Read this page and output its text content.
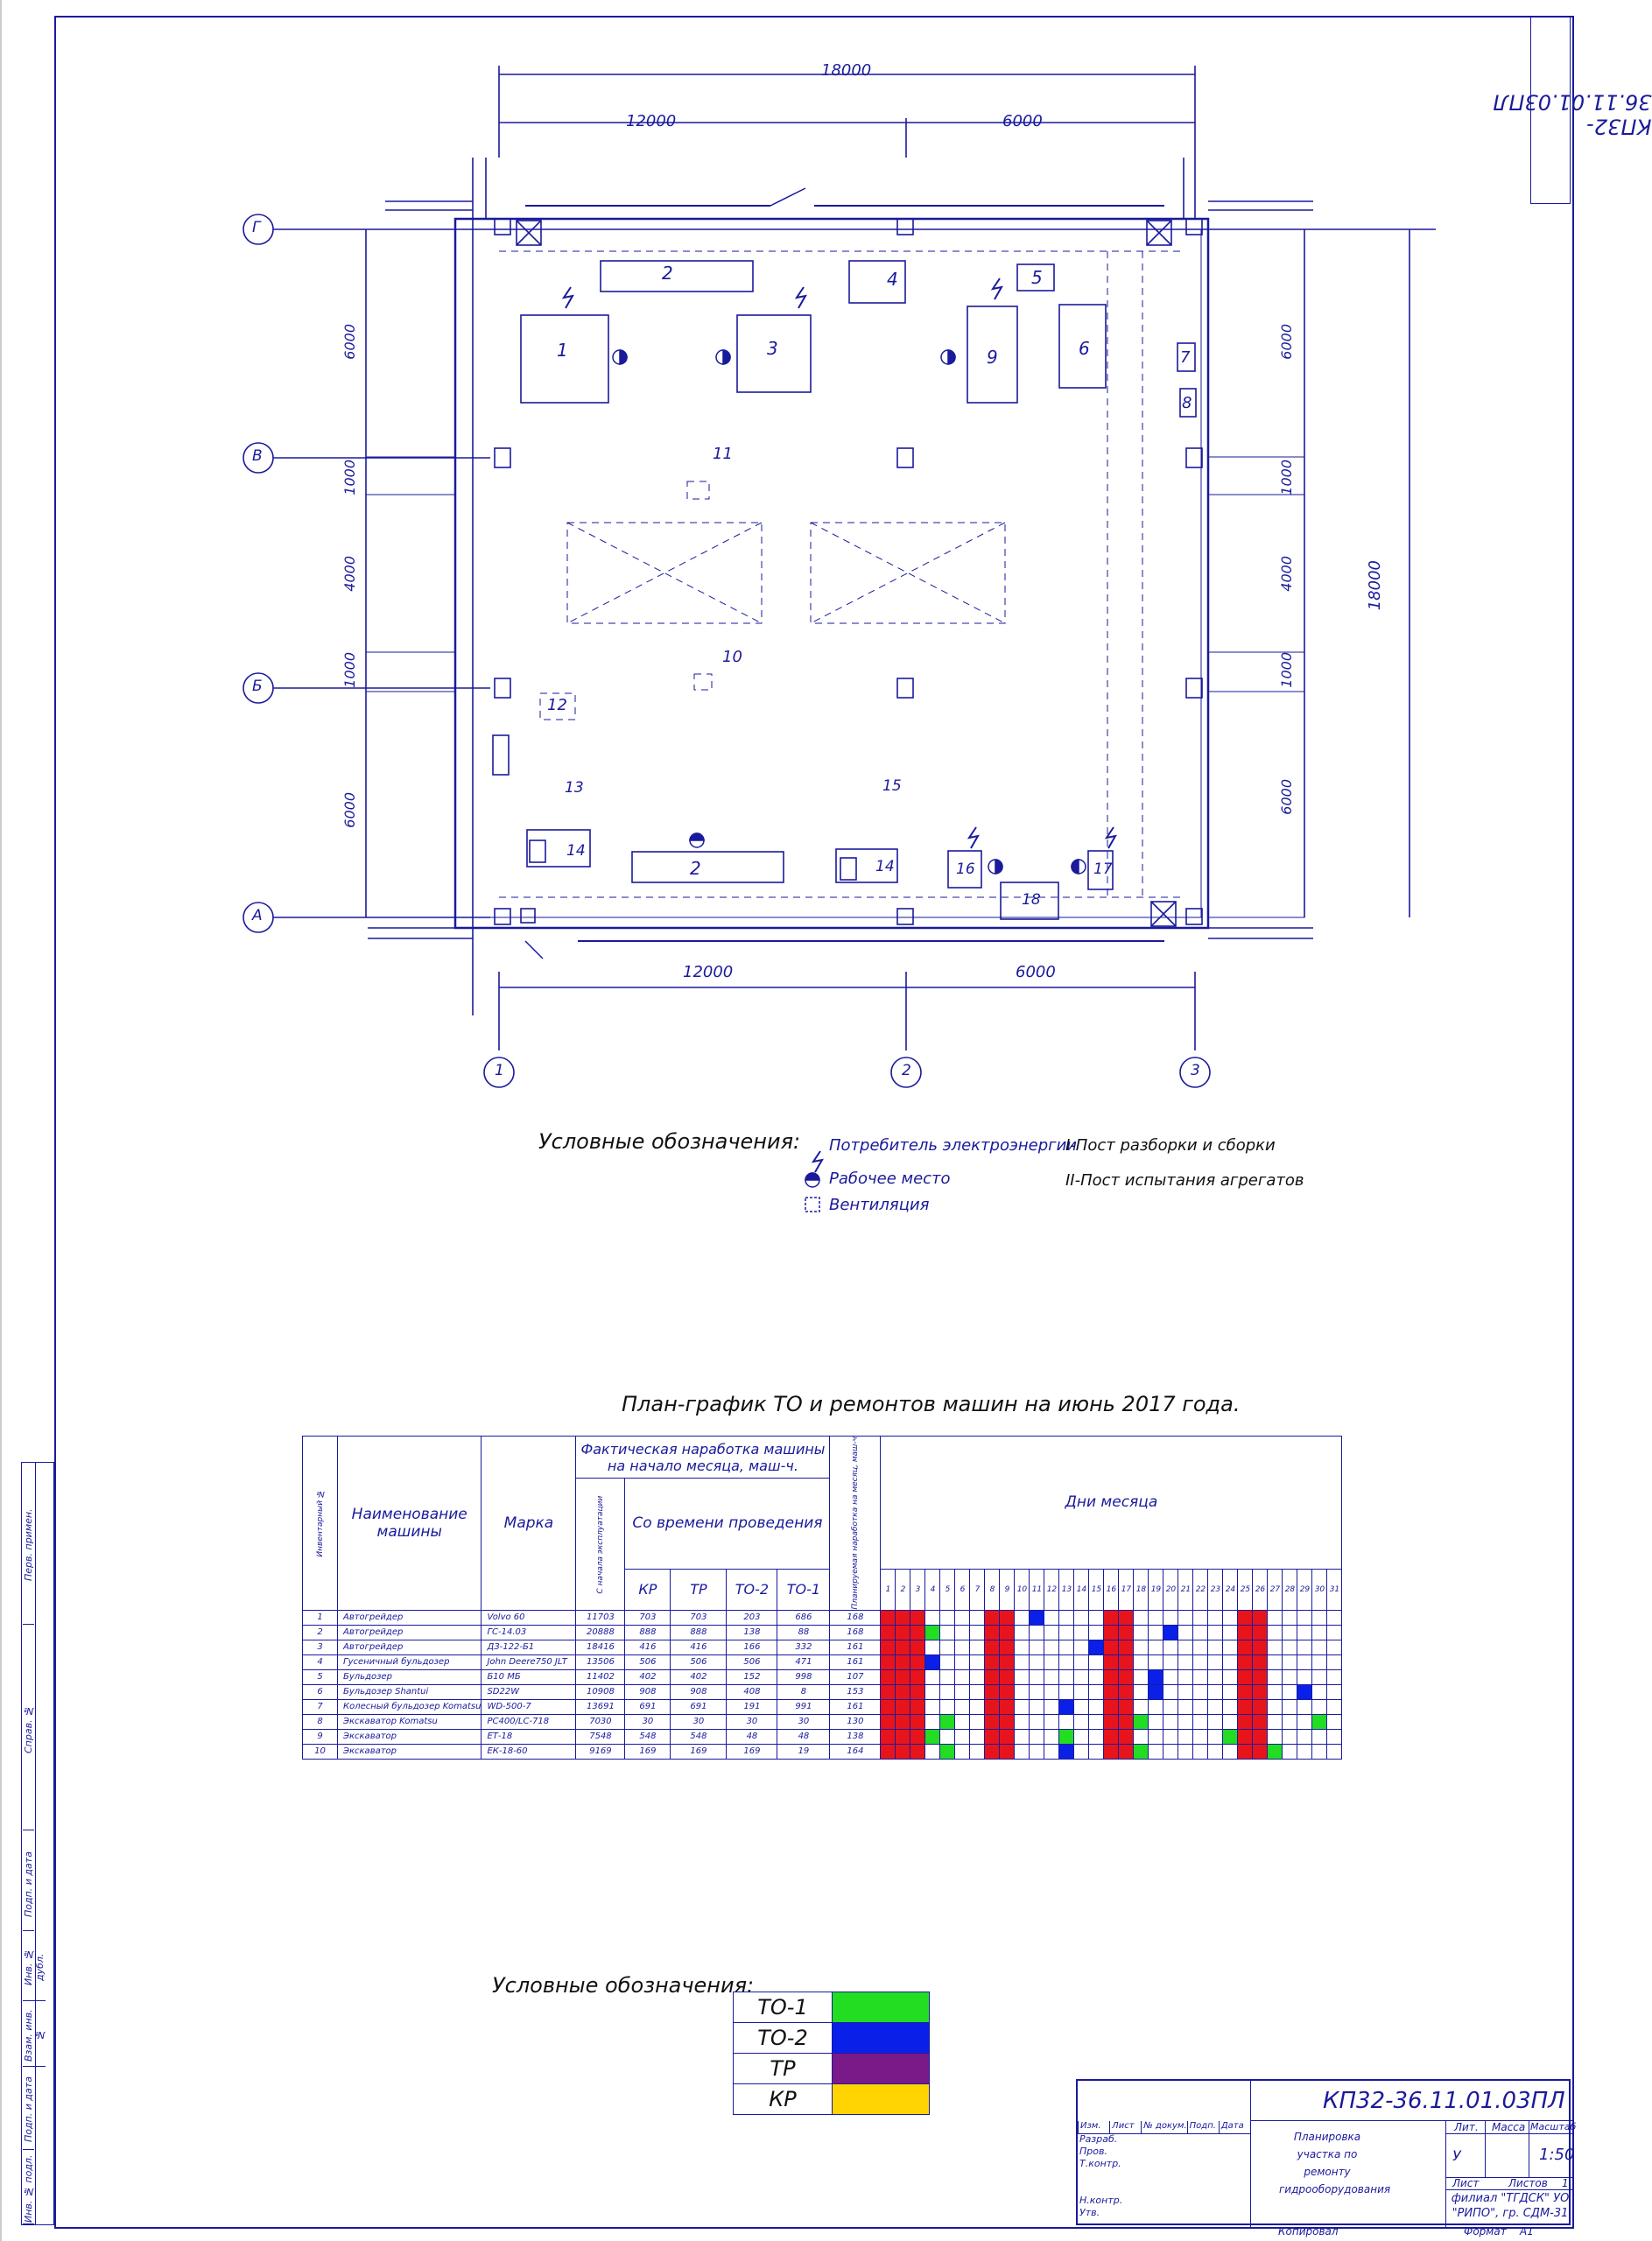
КП32-36.11.01.03ПЛ
Перв. примен.
Справ. №
Подп. и дата
Инв. № дубл.
Взам. инв. №
Подп. и дата
Инв. № подл.
18000
12000	6000
12000	6000
18000
6000
1000
4000
1000
6000
6000
1000
4000
1000
6000
Г
В
Б
А
1	2	3
1
2
3
4	5
6	7
8
9
10
11
12
13
14
2
15
14	16	17
18
Условные обозначения: Потребитель электроэнергии
Рабочее место
Вентиляция
I-Пост разборки и сборки
II-Пост испытания агрегатов
План-график ТО и ремонтов машин на июнь 2017 года.
Инвентарный №	Наименование машины	Марка	Фактическая наработка машины на начало месяца, маш-ч.					Планируемая наработка на месяц, маш-ч	Дни месяца																														
			С начала эксплуатации	Со времени проведения																																			
				КР	ТР	ТО-2	ТО-1		1	2	3	4	5	6	7	8	9	10	11	12	13	14	15	16	17	18	19	20	21	22	23	24	25	26	27	28	29	30	31
1	Автогрейдер	Volvo 60	11703	703	703	203	686	168																															
2	Автогрейдер	ГС-14.03	20888	888	888	138	88	168																															
3	Автогрейдер	ДЗ-122-Б1	18416	416	416	166	332	161																															
4	Гусеничный бульдозер	John Deere750 JLT	13506	506	506	506	471	161																															
5	Бульдозер	Б10 МБ	11402	402	402	152	998	107																															
6	Бульдозер Shantui	SD22W	10908	908	908	408	8	153																															
7	Колесный бульдозер Komatsu	WD-500-7	13691	691	691	191	991	161																															
8	Экскаватор Komatsu	PC400/LC-718	7030	30	30	30	30	130																															
9	Экскаватор	ЕТ-18	7548	548	548	48	48	138																															
10	Экскаватор	ЕК-18-60	9169	169	169	169	19	164																															
Условные обозначения:
ТО-1	
ТО-2	
ТР	
КР		КП32-36.11.01.03ПЛ
Изм.	Лист	№ докум. Подп. Дата
Разраб.
Пров.
Т.контр.
Н.контр.
Утв.
Планировка участка по ремонту гидрооборудования
Лит. Масса Масштаб
У	1:50
Лист	Листов 1
филиал "ТГДСК" УО "РИПО", гр. СДМ-31
Копировал	Формат А1
